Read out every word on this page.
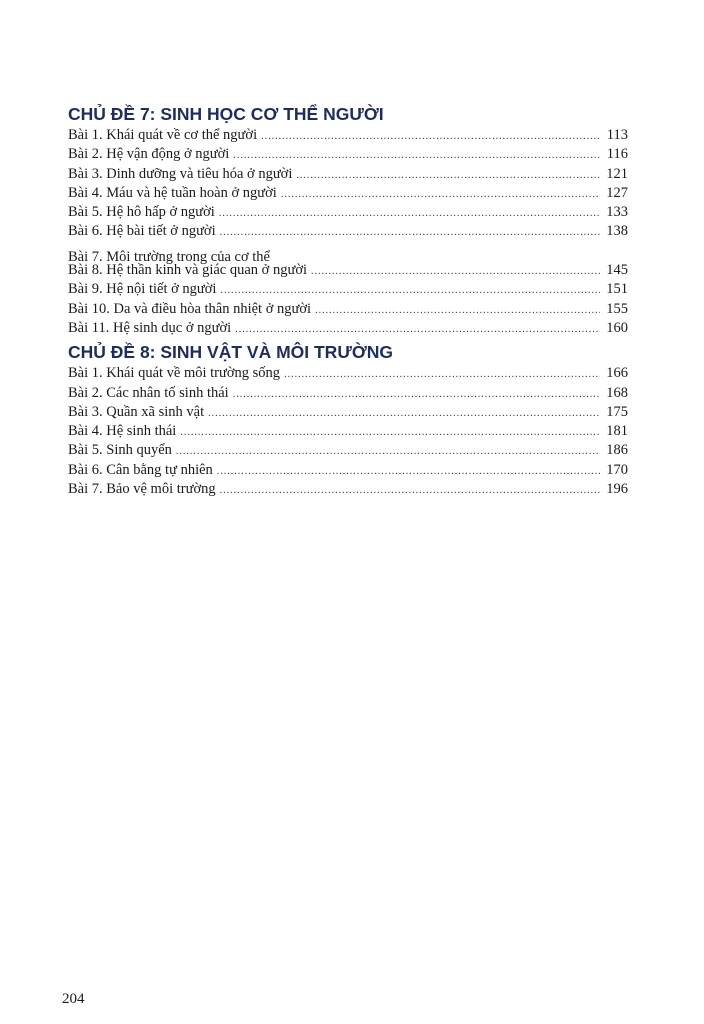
CHỦ ĐỀ 7: SINH HỌC CƠ THỂ NGƯỜI
Bài 1. Khái quát về cơ thể người .....	113
Bài 2. Hệ vận động ở người .....	116
Bài 3. Dinh dưỡng và tiêu hóa ở người .....	121
Bài 4. Máu và hệ tuần hoàn ở người .....	127
Bài 5. Hệ hô hấp ở người .....	133
Bài 6. Hệ bài tiết ở người .....	138
Bài 7. Môi trường trong của cơ thể
Bài 8. Hệ thần kinh và giác quan ở người .....	145
Bài 9. Hệ nội tiết ở người .....	151
Bài 10. Da và điều hòa thân nhiệt ở người .....	155
Bài 11. Hệ sinh dục ở người .....	160
CHỦ ĐỀ 8: SINH VẬT VÀ MÔI TRƯỜNG
Bài 1. Khái quát về môi trường sống .....	166
Bài 2. Các nhân tố sinh thái .....	168
Bài 3. Quần xã sinh vật .....	175
Bài 4. Hệ sinh thái .....	181
Bài 5. Sinh quyển .....	186
Bài 6. Cân bằng tự nhiên .....	170
Bài 7. Bảo vệ môi trường .....	196
204
